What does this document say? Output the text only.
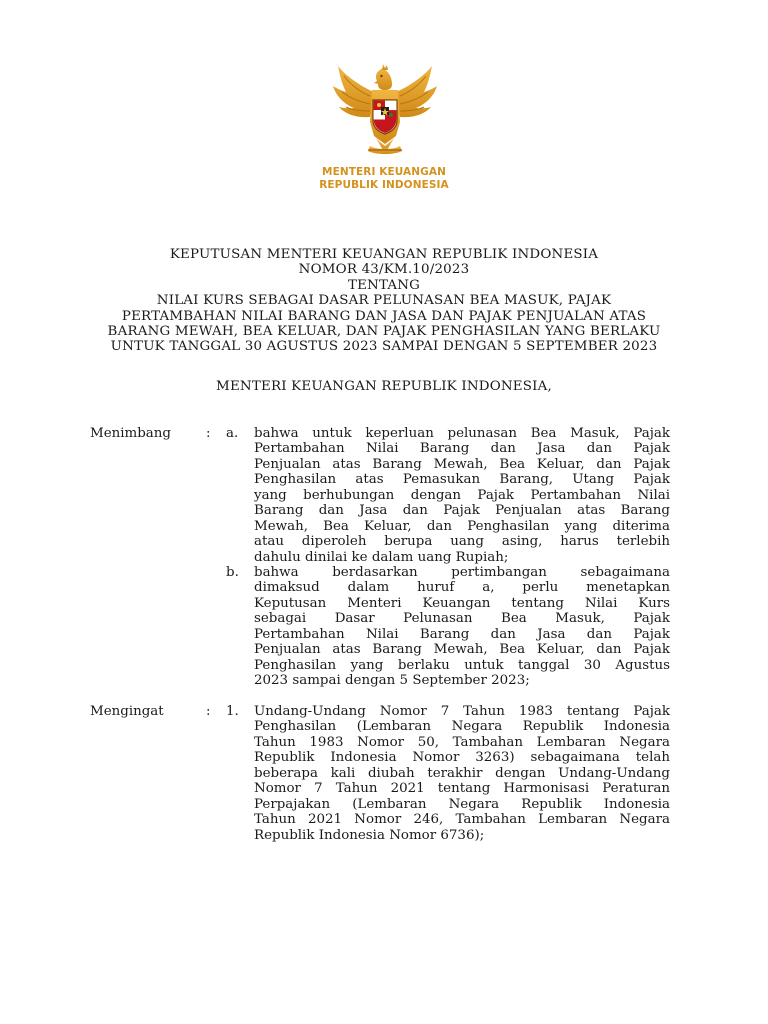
MENTERI KEUANGAN
REPUBLIK INDONESIA
KEPUTUSAN MENTERI KEUANGAN REPUBLIK INDONESIA
NOMOR 43/KM.10/2023
TENTANG
NILAI KURS SEBAGAI DASAR PELUNASAN BEA MASUK, PAJAK
PERTAMBAHAN NILAI BARANG DAN JASA DAN PAJAK PENJUALAN ATAS
BARANG MEWAH, BEA KELUAR, DAN PAJAK PENGHASILAN YANG BERLAKU
UNTUK TANGGAL 30 AGUSTUS 2023 SAMPAI DENGAN 5 SEPTEMBER 2023
MENTERI KEUANGAN REPUBLIK INDONESIA,
Menimbang	: a. bahwa untuk keperluan pelunasan Bea Masuk, Pajak
Pertambahan Nilai Barang dan Jasa dan Pajak
Penjualan atas Barang Mewah, Bea Keluar, dan Pajak
Penghasilan atas Pemasukan Barang, Utang Pajak
yang berhubungan dengan Pajak Pertambahan Nilai
Barang dan Jasa dan Pajak Penjualan atas Barang
Mewah, Bea Keluar, dan Penghasilan yang diterima
atau diperoleh berupa uang asing, harus terlebih
dahulu dinilai ke dalam uang Rupiah;
b. bahwa berdasarkan pertimbangan sebagaimana
dimaksud dalam huruf a, perlu menetapkan
Keputusan Menteri Keuangan tentang Nilai Kurs
sebagai Dasar Pelunasan Bea Masuk, Pajak
Pertambahan Nilai Barang dan Jasa dan Pajak
Penjualan atas Barang Mewah, Bea Keluar, dan Pajak
Penghasilan yang berlaku untuk tanggal 30 Agustus
2023 sampai dengan 5 September 2023;
Mengingat	: 1. Undang-Undang Nomor 7 Tahun 1983 tentang Pajak
Penghasilan (Lembaran Negara Republik Indonesia
Tahun 1983 Nomor 50, Tambahan Lembaran Negara
Republik Indonesia Nomor 3263) sebagaimana telah
beberapa kali diubah terakhir dengan Undang-Undang
Nomor 7 Tahun 2021 tentang Harmonisasi Peraturan
Perpajakan (Lembaran Negara Republik Indonesia
Tahun 2021 Nomor 246, Tambahan Lembaran Negara
Republik Indonesia Nomor 6736);
